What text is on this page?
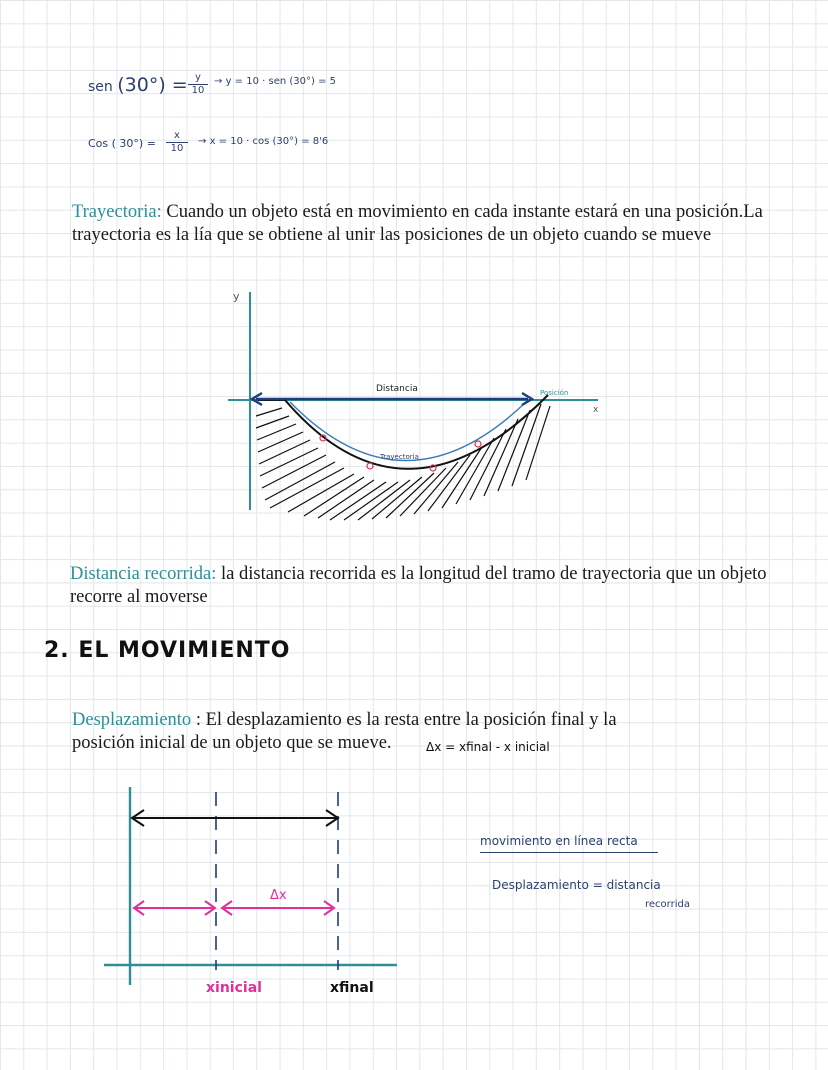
sen $(30^\circ) = \frac{y}{10} \to y = 10$ · sen (30°) = 5
Cos ( $30^\circ) = \frac{x}{10} \to x = 10 \cdot \cos (30^\circ) = 8'6$
Trayectoria: Cuando un objeto está en movimiento en cada instante estará en una posición.La trayectoria es la lía que se obtiene al unir las posiciones de un objeto cuando se mueve
y
x
Distancia	Posición
Trayectoria
Distancia recorrida: la distancia recorrida es la longitud del tramo de trayectoria que un objeto recorre al moverse
2. EL MOVIMIENTO
Desplazamiento : El desplazamiento es la resta entre la posición final y la posición inicial de un objeto que se mueve.	Δx = xfinal - x inicial
Δx
xinicial	xfinal
movimiento en línea recta
Desplazamiento = distancia
recorrida
